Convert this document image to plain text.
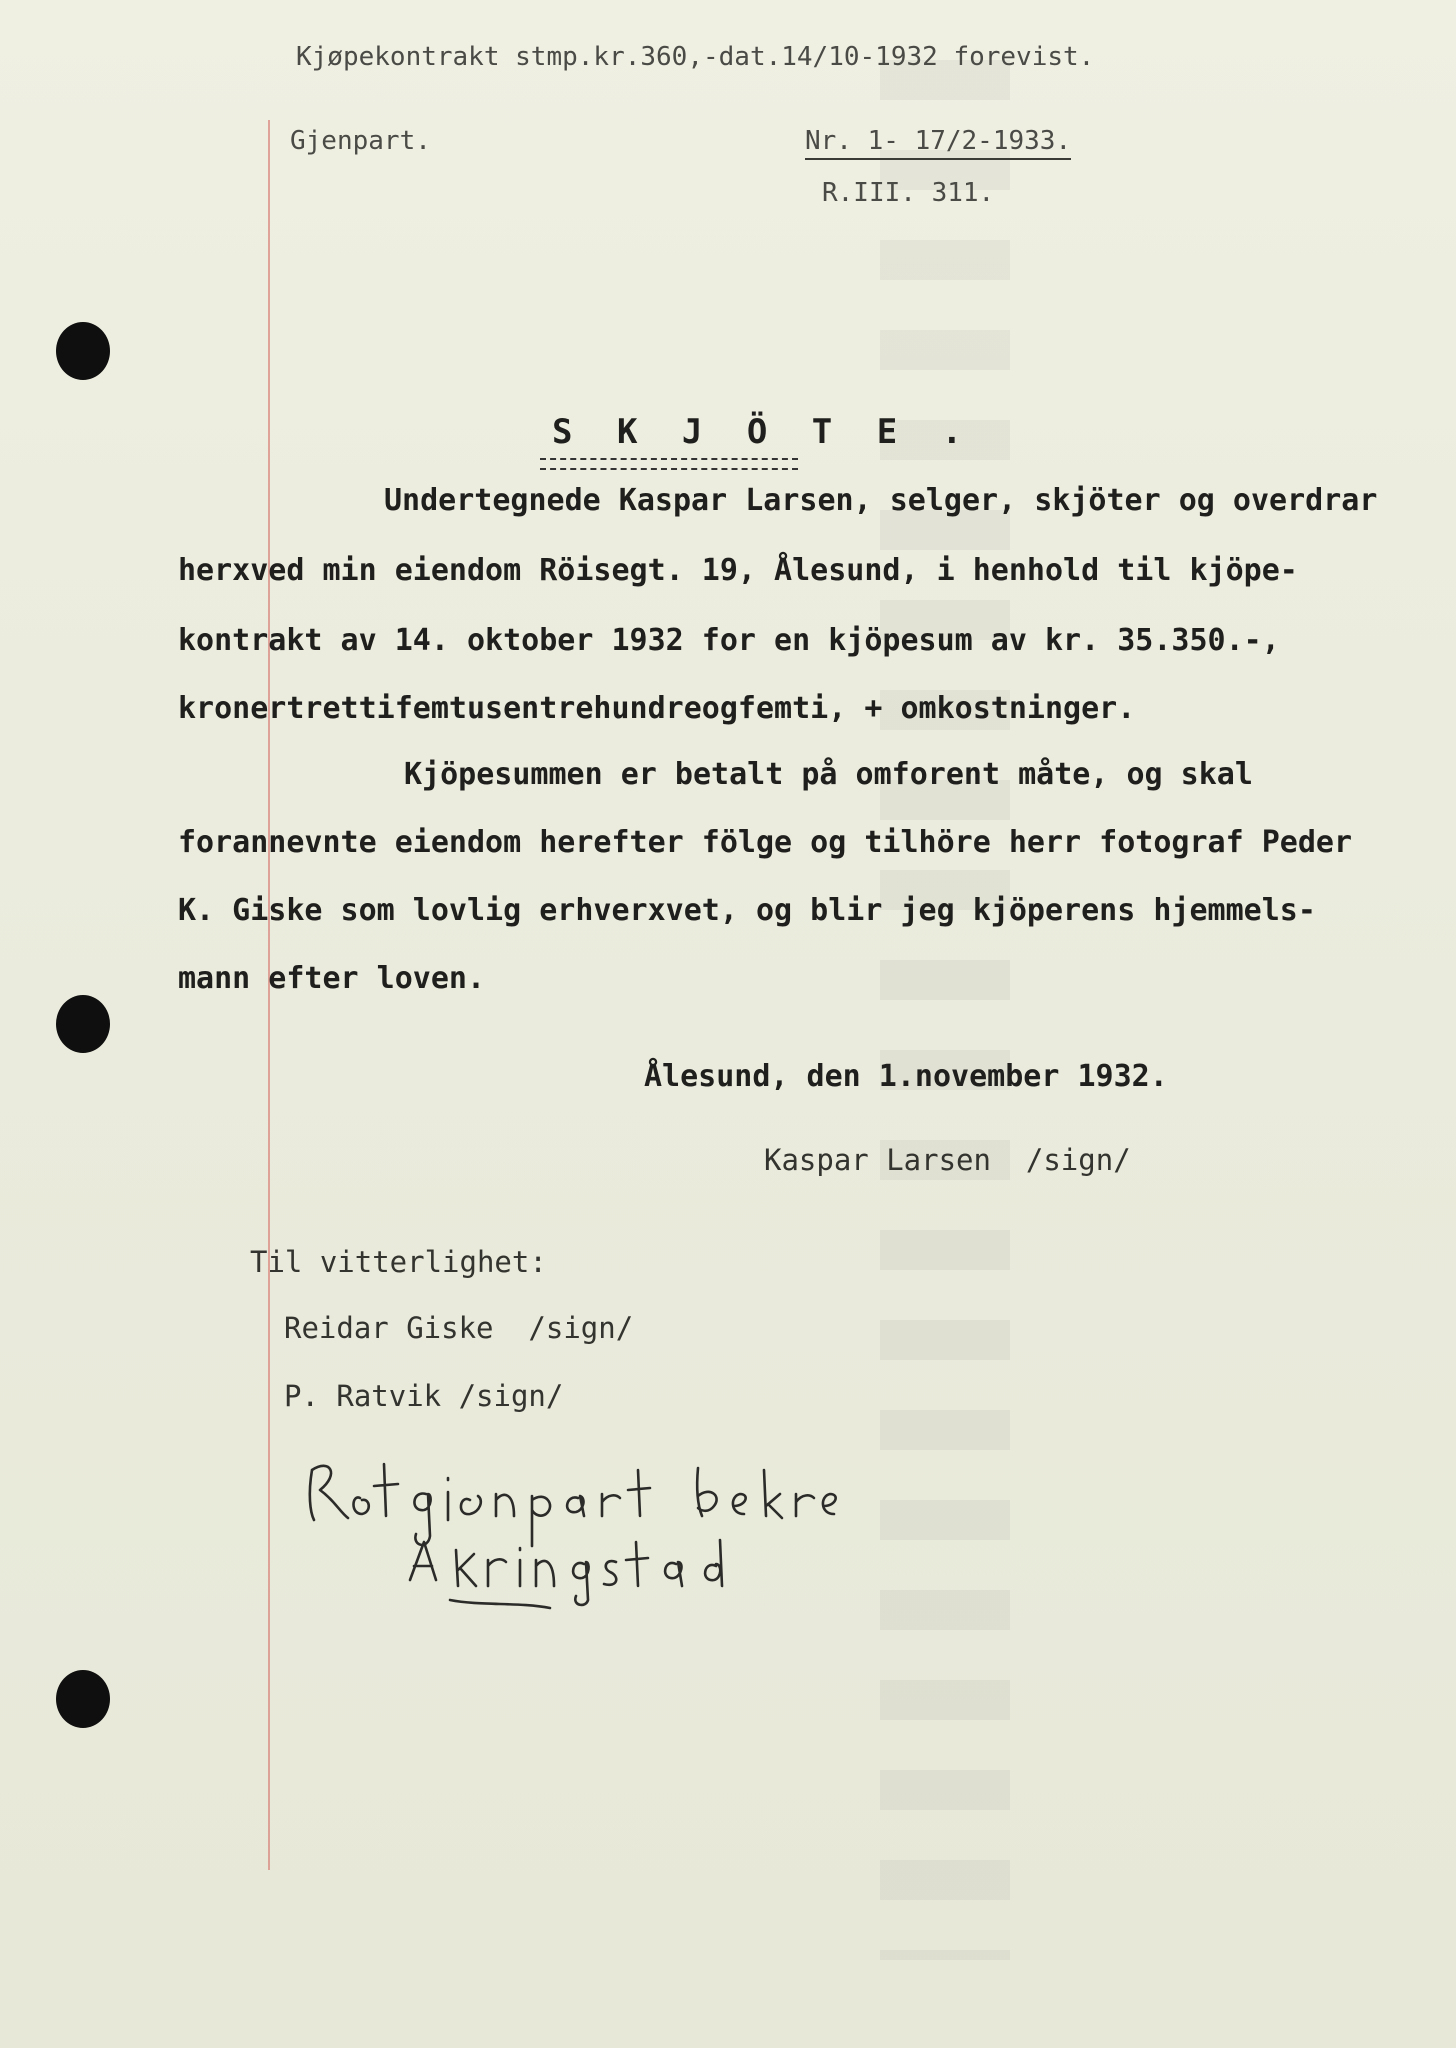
Kjøpekontrakt stmp.kr.360,-dat.14/10-1932 forevist.
Gjenpart.	Nr. 1- 17/2-1933.
R.III. 311.
S K J Ö T E .
Undertegnede Kaspar Larsen, selger, skjöter og overdrar
herxved min eiendom Röisegt. 19, Ålesund, i henhold til kjöpe-
kontrakt av 14. oktober 1932 for en kjöpesum av kr. 35.350.-,
kronertrettifemtusentrehundreogfemti, + omkostninger.
Kjöpesummen er betalt på omforent måte, og skal
forannevnte eiendom herefter fölge og tilhöre herr fotograf Peder
K. Giske som lovlig erhverxvet, og blir jeg kjöperens hjemmels-
mann efter loven.
Ålesund, den 1.november 1932.
Kaspar Larsen  /sign/
Til vitterlighet:
Reidar Giske  /sign/
P. Ratvik /sign/
